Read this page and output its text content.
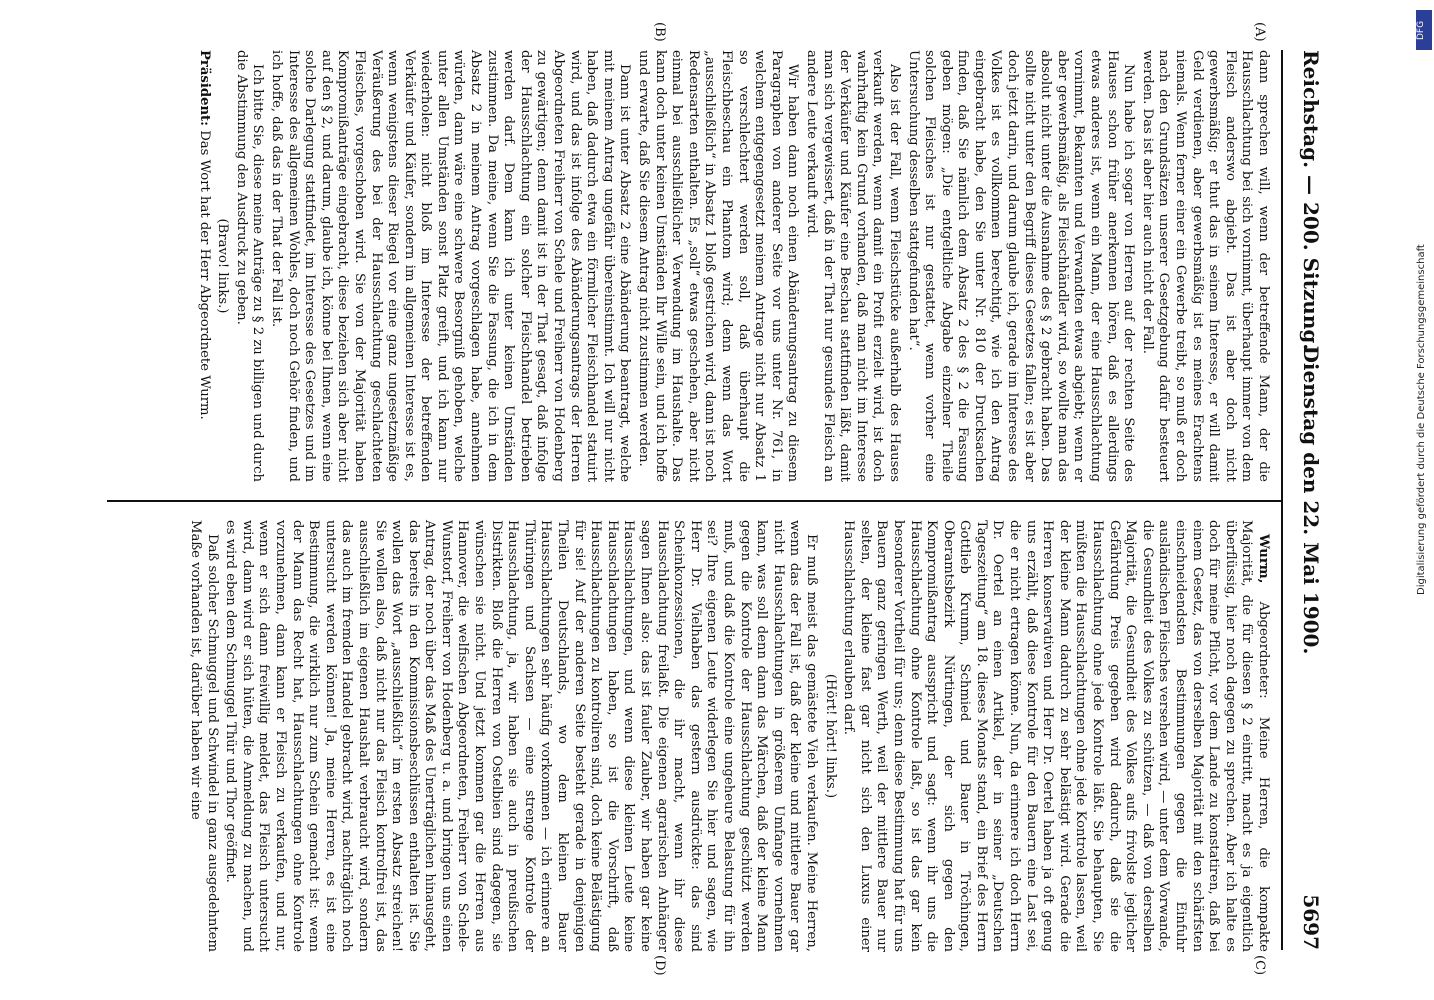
Reichstag. — 200. Sitzung.
Dienstag den 22. Mai 1900.
5697
(A)
(B)
(C)
(D)

dann sprechen will, wenn der betreffende Mann, der die Hausschlachtung bei sich vornimmt, überhaupt immer von dem Fleisch anderswo abgiebt. Das ist aber doch nicht gewerbsmäßig; er thut das in seinem Interesse, er will damit Geld verdienen, aber gewerbsmäßig ist es meines Erachtens niemals. Wenn ferner einer ein Gewerbe treibt, so muß er doch nach den Grundsätzen unserer Gesetzgebung dafür besteuert werden. Das ist aber hier auch nicht der Fall.

Nun habe ich sogar von Herren auf der rechten Seite des Hauses schon früher anerkennen hören, daß es allerdings etwas anderes ist, wenn ein Mann, der eine Hausschlachtung vornimmt, Bekannten und Verwandten etwas abgiebt; wenn er aber gewerbsmäßig, als Fleischhändler wird, so wollte man das absolut nicht unter die Ausnahme des § 2 gebracht haben. Das sollte nicht unter den Begriff dieses Gesetzes fallen; es ist aber doch jetzt darin, und darum glaube ich, gerade im Interesse des Volkes ist es vollkommen berechtigt, wie ich den Antrag eingebracht habe, den Sie unter Nr. 810 der Drucksachen finden, daß Sie nämlich dem Absatz 2 des § 2 die Fassung geben mögen: „Die entgeltliche Abgabe einzelner Theile solchen Fleisches ist nur gestattet, wenn vorher eine Untersuchung desselben stattgefunden hat“.

Also ist der Fall, wenn Fleischstücke außerhalb des Hauses verkauft werden, wenn damit ein Profit erzielt wird, ist doch wahrhaftig kein Grund vorhanden, daß man nicht im Interesse der Verkäufer und Käufer eine Beschau stattfinden läßt, damit man sich vergewissert, daß in der That nur gesundes Fleisch an andere Leute verkauft wird.

Wir haben dann noch einen Abänderungsantrag zu diesem Paragraphen von anderer Seite vor uns unter Nr. 761, in welchem entgegengesetzt meinem Antrage nicht nur Absatz 1 so verschlechtert werden soll, daß überhaupt die Fleischbeschau ein Phantom wird; denn wenn das Wort „ausschließlich“ in Absatz 1 bloß gestrichen wird, dann ist noch Redensarten enthalten. Es „soll“ etwas geschehen, aber nicht einmal bei ausschließlicher Verwendung im Haushalte. Das kann doch unter keinen Umständen Ihr Wille sein, und ich hoffe und erwarte, daß Sie diesem Antrag nicht zustimmen werden.

Dann ist unter Absatz 2 eine Abänderung beantragt, welche mit meinem Antrag ungefähr übereinstimmt. Ich will nur nicht haben, daß dadurch etwa ein förmlicher Fleischhandel statuirt wird, und das ist infolge des Abänderungsantrags der Herren Abgeordneten Freiherr von Schele und Freiherr von Hodenberg zu gewärtigen; denn damit ist in der That gesagt, daß infolge der Hausschlachtung ein solcher Fleischhandel betrieben werden darf. Dem kann ich unter keinen Umständen zustimmen. Da meine, wenn Sie die Fassung, die ich in dem Absatz 2 in meinem Antrag vorgeschlagen habe, annehmen würden, dann wäre eine schwere Besorgniß gehoben, welche unter allen Umständen sonst Platz greift, und ich kann nur wiederholen: nicht bloß im Interesse der betreffenden Verkäufer und Käufer, sondern im allgemeinen Interesse ist es, wenn wenigstens dieser Riegel vor eine ganz ungesetzmäßige Veräußerung des bei der Hausschlachtung geschlachteten Fleisches, vorgeschoben wird. Sie von der Majorität haben Kompromißanträge eingebracht, diese beziehen sich aber nicht auf den § 2, und darum, glaube ich, könne bei Ihnen, wenn eine solche Darlegung stattfindet, im Interesse des Gesetzes und im Interesse des allgemeinen Wohles, doch noch Gehör finden, und ich hoffe, daß das in der That der Fall ist.

Ich bitte Sie, diese meine Anträge zu § 2 zu billigen und durch die Abstimmung den Ausdruck zu geben.

(Bravo! links.)

Präsident: Das Wort hat der Herr Abgeordnete Wurm.

Wurm, Abgeordneter: Meine Herren, die kompakte Majorität, die für diesen § 2 eintritt, macht es ja eigentlich überflüssig, hier noch dagegen zu sprechen. Aber ich halte es doch für meine Pflicht, vor dem Lande zu konstatiren, daß bei einem Gesetz, das von derselben Majorität mit den schärfsten einschneidendsten Bestimmungen gegen die Einfuhr ausländischen Fleisches versehen wird, — unter dem Vorwande, die Gesundheit des Volkes zu schützen, — daß von derselben Majorität, die Gesundheit des Volkes aufs frivolste jeglicher Gefährdung Preis gegeben wird dadurch, daß sie die Hausschlachtung ohne jede Kontrole läßt. Sie behaupten, Sie müßten die Hausschlachtungen ohne jede Kontrole lassen, weil der kleine Mann dadurch zu sehr belästigt wird. Gerade die Herren konservativen und Herr Dr. Oertel haben ja oft genug uns erzählt, daß diese Kontrole für den Bauern eine Last sei, die er nicht ertragen könne. Nun, da erinnere ich doch Herrn Dr. Oertel an einen Artikel, der in seiner „Deutschen Tageszeitung“ am 18. dieses Monats stand, ein Brief des Herrn Gottlieb Krumm, Schmied und Bauer in Tröchingen, Oberamtsbezirk Nürtingen, der sich gegen den Kompromißantrag ausspricht und sagt: wenn ihr uns die Hausschlachtung ohne Kontrole laßt, so ist das gar kein besonderer Vortheil für uns; denn diese Bestimmung hat für uns Bauern ganz geringen Werth, weil der mittlere Bauer nur selten, der kleine fast gar nicht sich den Luxus einer Hausschlachtung erlauben darf.

(Hört! hört! links.)

Er muß meist das gemästete Vieh verkaufen. Meine Herren, wenn das der Fall ist, daß der kleine und mittlere Bauer gar nicht Hausschlachtungen in größerem Umfange vornehmen kann, was soll denn dann das Märchen, daß der kleine Mann gegen die Kontrole der Hausschlachtung geschützt werden muß, und daß die Kontrole eine ungeheure Belastung für ihn sei? Ihre eigenen Leute widerlegen Sie hier und sagen, wie Herr Dr. Vielhaben das gestern ausdrückte: das sind Scheinkonzessionen, die ihr macht, wenn ihr diese Hausschlachtung freilaßt. Die eigenen agrarischen Anhänger sagen Ihnen also: das ist fauler Zauber, wir haben gar keine Hausschlachtungen, und wenn diese kleinen Leute keine Hausschlachtungen haben, so ist die Vorschrift, daß Hausschlachtungen zu kontroliren sind, doch keine Belästigung für sie! Auf der anderen Seite besteht gerade in denjenigen Theilen Deutschlands, wo dem kleinen Bauer Hausschlachtungen sehr häufig vorkommen — ich erinnere an Thüringen und Sachsen — eine strenge Kontrole der Hausschlachtung, ja, wir haben sie auch in preußischen Distrikten. Bloß die Herren von Ostelbien sind dagegen, sie wünschen sie nicht. Und jetzt kommen gar die Herren aus Hannover, die welfischen Abgeordneten, Freiherr von Schele-Wunstorf, Freiherr von Hodenberg u. a. und bringen uns einen Antrag, der noch über das Maß des Unerträglichen hinausgeht, das bereits in den Kommissionsbeschlüssen enthalten ist. Sie wollen das Wort „ausschließlich“ im ersten Absatz streichen! Sie wollen also, daß nicht nur das Fleisch kontrolfrei ist, das ausschließlich im eigenen Haushalt verbraucht wird, sondern das auch im fremden Handel gebracht wird, nachträglich noch untersucht werden können! Ja, meine Herren, es ist eine Bestimmung, die wirklich nur zum Schein gemacht ist: wenn der Mann das Recht hat, Hausschlachtungen ohne Kontrole vorzunehmen, dann kann er Fleisch zu verkaufen, und nur, wenn er sich dann freiwillig meldet, das Fleisch untersucht wird, dann wird er sich hüten, die Anmeldung zu machen, und es wird eben dem Schmuggel Thür und Thor geöffnet.

Daß solcher Schmuggel und Schwindel in ganz ausgedehntem Maße vorhanden ist, darüber haben wir eine

DFG
Digitalisierung gefördert durch die Deutsche Forschungsgemeinschaft
